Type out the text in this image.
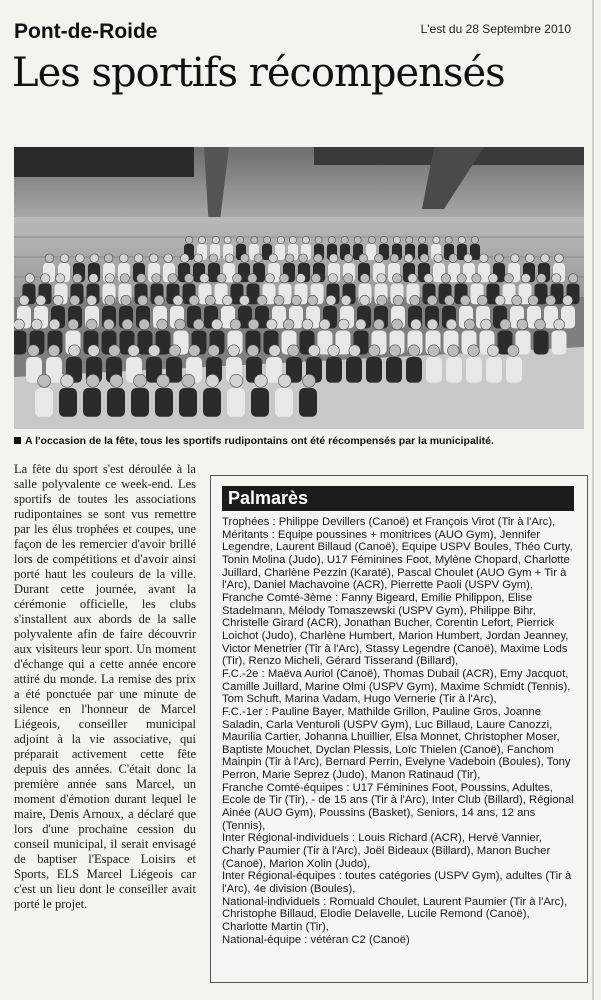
Pont-de-Roide	L'est du 28 Septembre 2010
Les sportifs récompensés

A l'occasion de la fête, tous les sportifs rudipontains ont été récompensés par la municipalité.

La fête du sport s'est déroulée à la salle polyvalente ce week-end. Les sportifs de toutes les associations rudipontaines se sont vus remettre par les élus trophées et coupes, une façon de les remercier d'avoir brillé lors de compétitions et d'avoir ainsi porté haut les couleurs de la ville. Durant cette journée, avant la cérémonie officielle, les clubs s'installent aux abords de la salle polyvalente afin de faire découvrir aux visiteurs leur sport. Un moment d'échange qui a cette année encore attiré du monde. La remise des prix a été ponctuée par une minute de silence en l'honneur de Marcel Liégeois, conseiller municipal adjoint à la vie associative, qui préparait activement cette fête depuis des années. C'était donc la première année sans Marcel, un moment d'émotion durant lequel le maire, Denis Arnoux, a déclaré que lors d'une prochaine cession du conseil municipal, il serait envisagé de baptiser l'Espace Loisirs et Sports, ELS Marcel Liégeois car c'est un lieu dont le conseiller avait porté le projet.

Palmarès

Trophées : Philippe Devillers (Canoë) et François Virot (Tir à l'Arc),

Méritants : Equipe poussines + monitrices (AUO Gym), Jennifer Legendre, Laurent Billaud (Canoë), Equipe USPV Boules, Théo Curty, Tonin Molina (Judo), U17 Féminines Foot, Mylène Chopard, Charlotte Juillard, Charlène Pezzin (Karaté), Pascal Choulet (AUO Gym + Tir à l'Arc), Daniel Machavoine (ACR), Pierrette Paoli (USPV Gym),

Franche Comté-3ème : Fanny Bigeard, Emilie Philippon, Elise Stadelmann, Mélody Tomaszewski (USPV Gym), Philippe Bihr, Christelle Girard (ACR), Jonathan Bucher, Corentin Lefort, Pierrick Loichot (Judo), Charlène Humbert, Marion Humbert, Jordan Jeanney, Victor Menetrier (Tir à l'Arc), Stassy Legendre (Canoë), Maxime Lods (Tir), Renzo Micheli, Gérard Tisserand (Billard),

F.C.-2e : Maëva Auriol (Canoë), Thomas Dubail (ACR), Emy Jacquot, Camille Juillard, Marine Olmi (USPV Gym), Maxime Schmidt (Tennis), Tom Schuft, Marina Vadam, Hugo Vernerie (Tir à l'Arc),

F.C.-1er : Pauline Bayer, Mathilde Grillon, Pauline Gros, Joanne Saladin, Carla Venturoli (USPV Gym), Luc Billaud, Laure Canozzi, Maurilia Cartier, Johanna Lhuillier, Elsa Monnet, Christopher Moser, Baptiste Mouchet, Dyclan Plessis, Loïc Thielen (Canoë), Fanchom Mainpin (Tir à l'Arc), Bernard Perrin, Evelyne Vadeboin (Boules), Tony Perron, Marie Seprez (Judo), Manon Ratinaud (Tir),

Franche Comté-équipes : U17 Féminines Foot, Poussins, Adultes, Ecole de Tir (Tir), - de 15 ans (Tir à l'Arc), Inter Club (Billard), Régional Ainée (AUO Gym), Poussins (Basket), Seniors, 14 ans, 12 ans (Tennis),

Inter Régional-individuels : Louis Richard (ACR), Hervé Vannier, Charly Paumier (Tir à l'Arc), Joël Bideaux (Billard), Manon Bucher (Canoë), Marion Xolin (Judo),

Inter Régional-équipes : toutes catégories (USPV Gym), adultes (Tir à l'Arc), 4e division (Boules),

National-individuels : Romuald Choulet, Laurent Paumier (Tir à l'Arc), Christophe Billaud, Elodie Delavelle, Lucile Remond (Canoë), Charlotte Martin (Tir),

National-équipe : vétéran C2 (Canoë)
